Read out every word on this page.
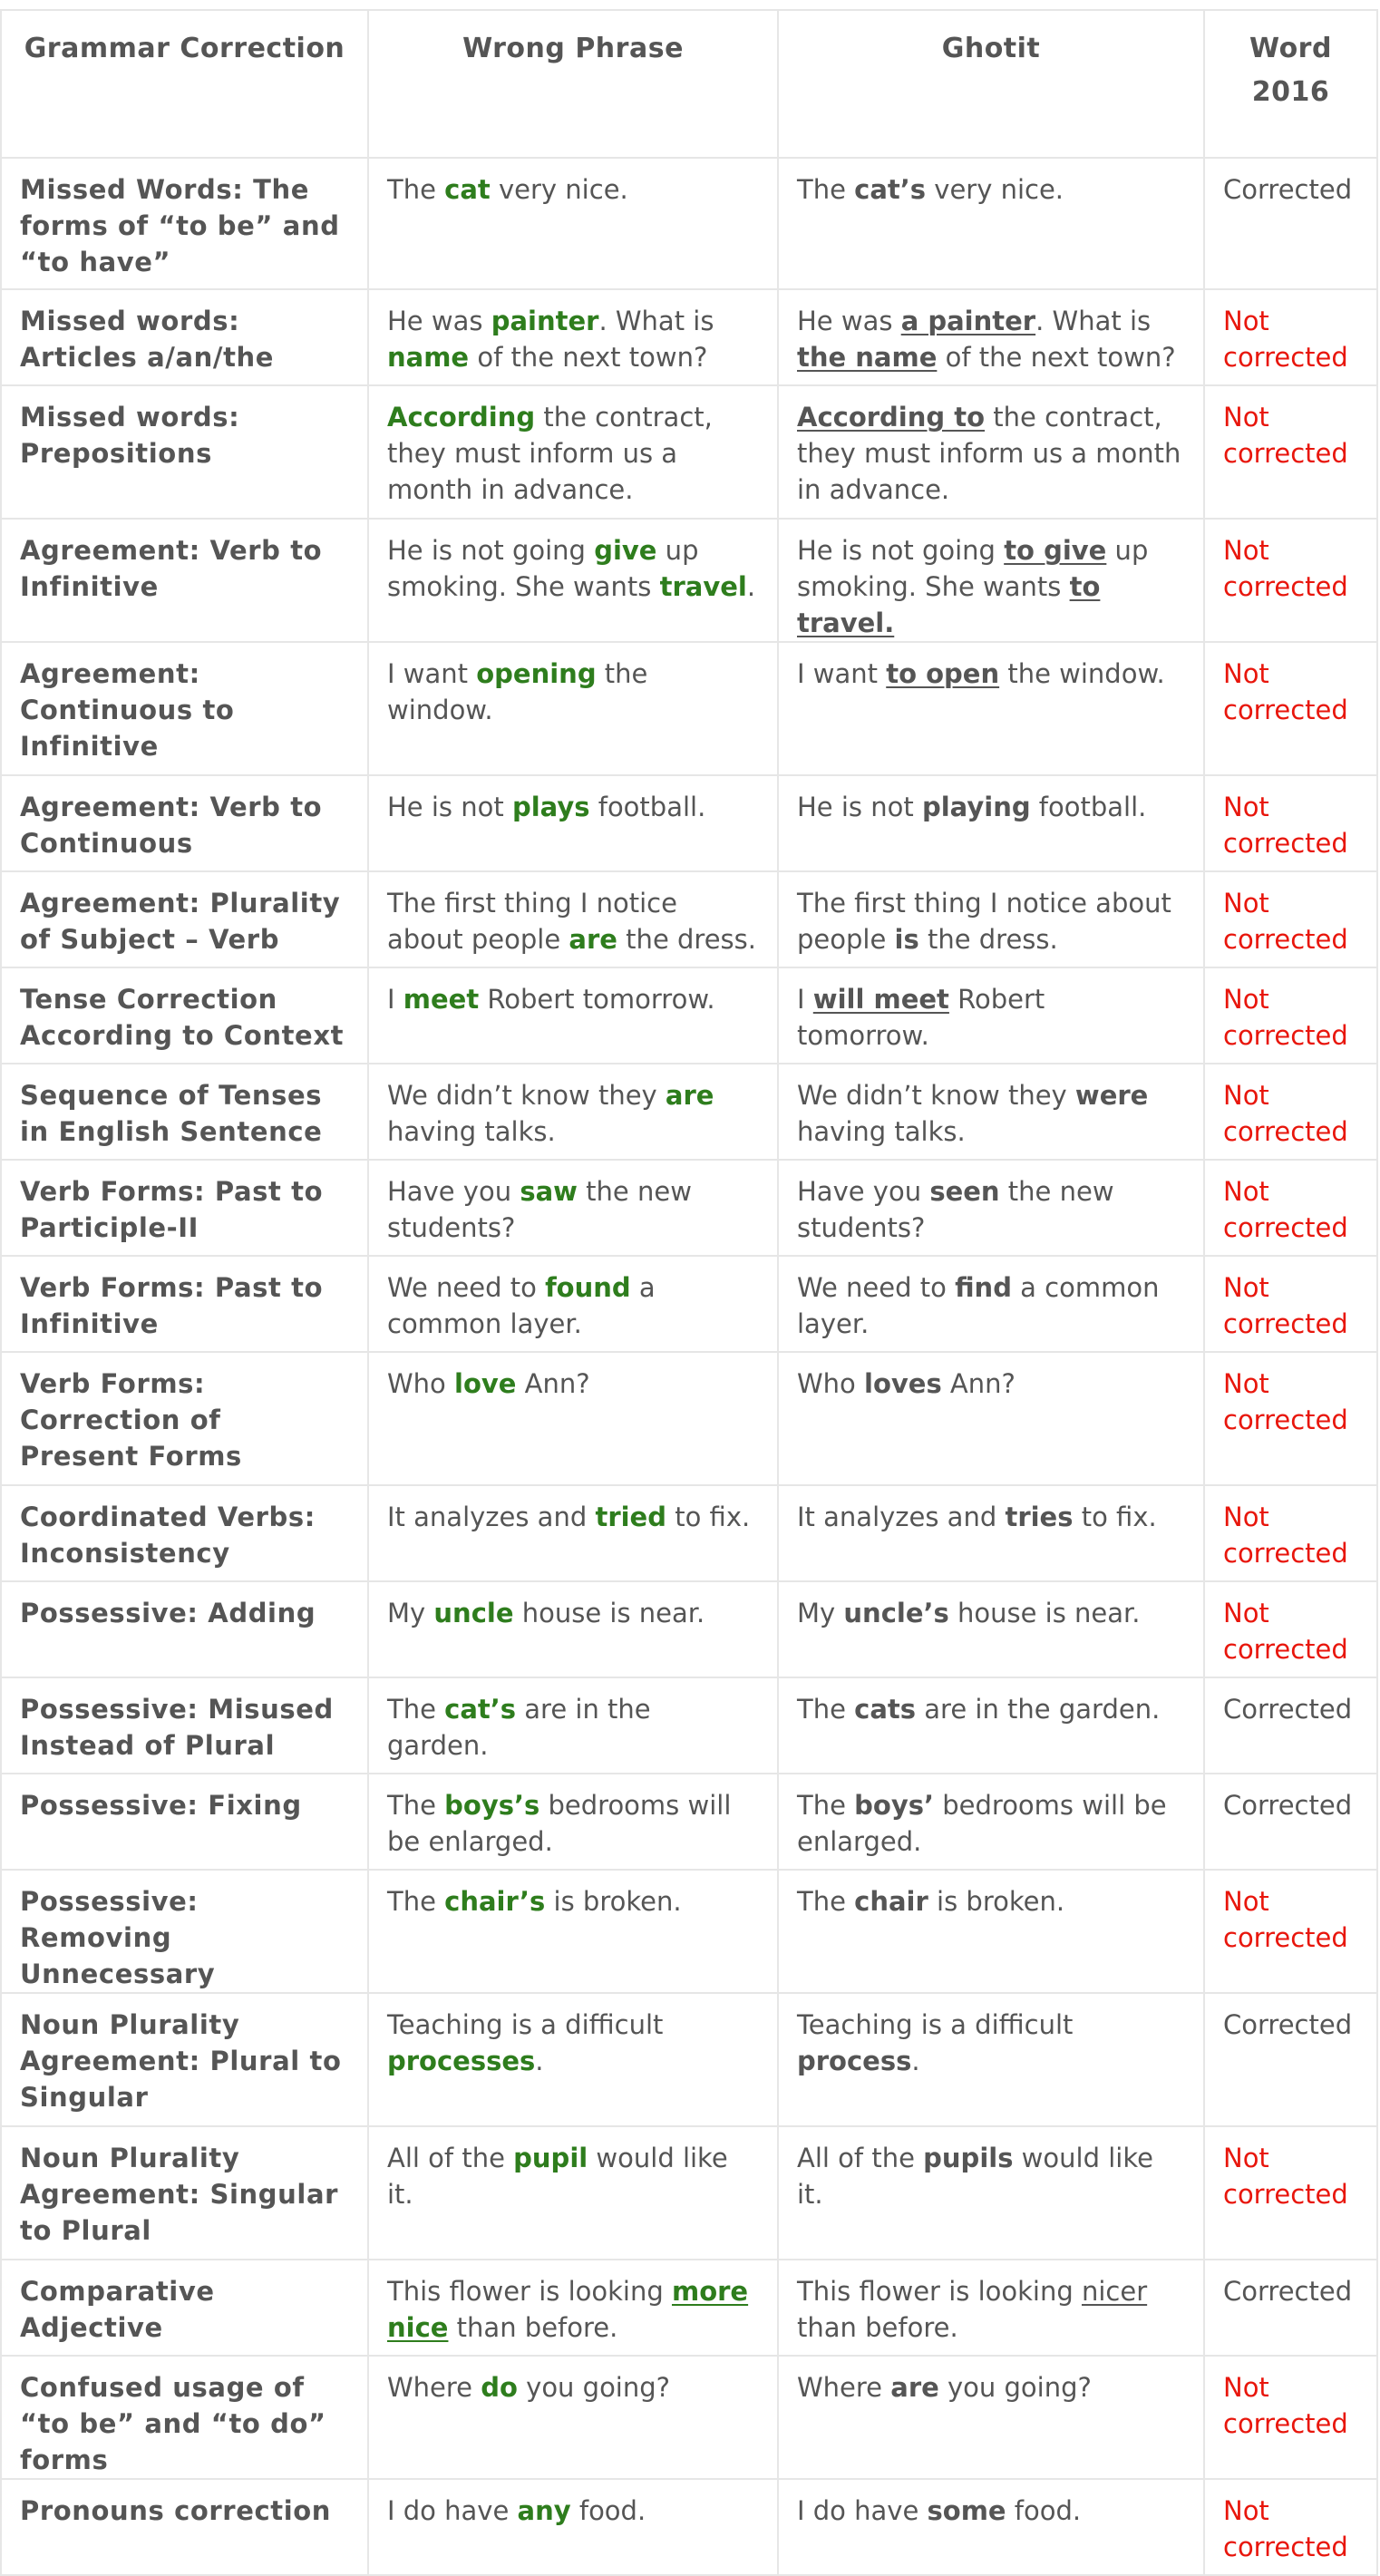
Grammar Correction	Wrong Phrase	Ghotit	Word 2016
Missed Words: The forms of “to be” and “to have”	The cat very nice.	The cat’s very nice.	Corrected
Missed words: Articles a/an/the	He was painter. What is name of the next town?	He was a painter. What is the name of the next town?	Not corrected
Missed words: Prepositions	According the contract, they must inform us a month in advance.	According to the contract, they must inform us a month in advance.	Not corrected
Agreement: Verb to Infinitive	He is not going give up smoking. She wants travel.	He is not going to give up smoking. She wants to travel.	Not corrected
Agreement: Continuous to Infinitive	I want opening the window.	I want to open the window.	Not corrected
Agreement: Verb to Continuous	He is not plays football.	He is not playing football.	Not corrected
Agreement: Plurality of Subject – Verb	The first thing I notice about people are the dress.	The first thing I notice about people is the dress.	Not corrected
Tense Correction According to Context	I meet Robert tomorrow.	I will meet Robert tomorrow.	Not corrected
Sequence of Tenses in English Sentence	We didn’t know they are having talks.	We didn’t know they were having talks.	Not corrected
Verb Forms: Past to Participle-II	Have you saw the new students?	Have you seen the new students?	Not corrected
Verb Forms: Past to Infinitive	We need to found a common layer.	We need to find a common layer.	Not corrected
Verb Forms: Correction of Present Forms	Who love Ann?	Who loves Ann?	Not corrected
Coordinated Verbs: Inconsistency	It analyzes and tried to fix.	It analyzes and tries to fix.	Not corrected
Possessive: Adding	My uncle house is near.	My uncle’s house is near.	Not corrected
Possessive: Misused Instead of Plural	The cat’s are in the garden.	The cats are in the garden.	Corrected
Possessive: Fixing	The boys’s bedrooms will be enlarged.	The boys’ bedrooms will be enlarged.	Corrected
Possessive: Removing Unnecessary	The chair’s is broken.	The chair is broken.	Not corrected
Noun Plurality Agreement: Plural to Singular	Teaching is a difficult processes.	Teaching is a difficult process.	Corrected
Noun Plurality Agreement: Singular to Plural	All of the pupil would like it.	All of the pupils would like it.	Not corrected
Comparative Adjective	This flower is looking more nice than before.	This flower is looking nicer than before.	Corrected
Confused usage of “to be” and “to do” forms	Where do you going?	Where are you going?	Not corrected
Pronouns correction	I do have any food.	I do have some food.	Not corrected
